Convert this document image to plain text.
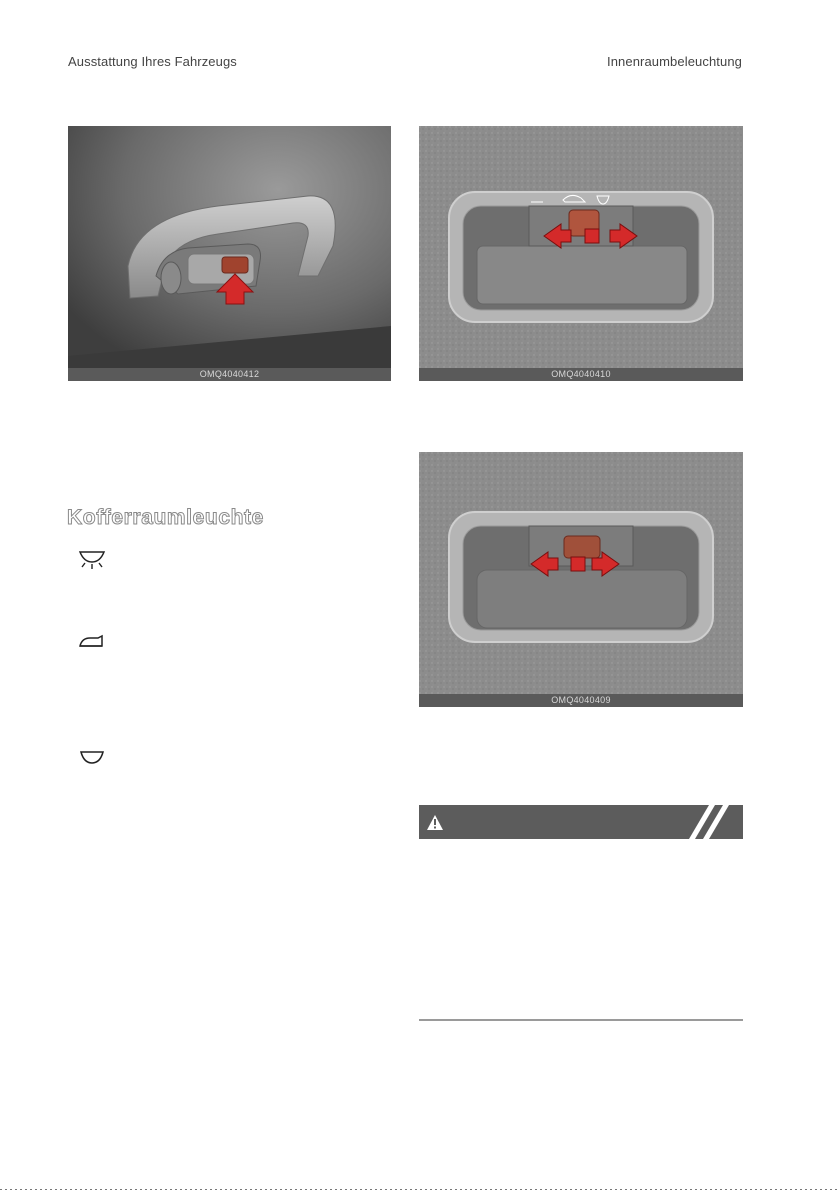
Ausstattung Ihres Fahrzeugs	Innenraumbeleuchtung
OMQ4040412	OMQ4040410
OMQ4040409
Kofferraumleuchte
